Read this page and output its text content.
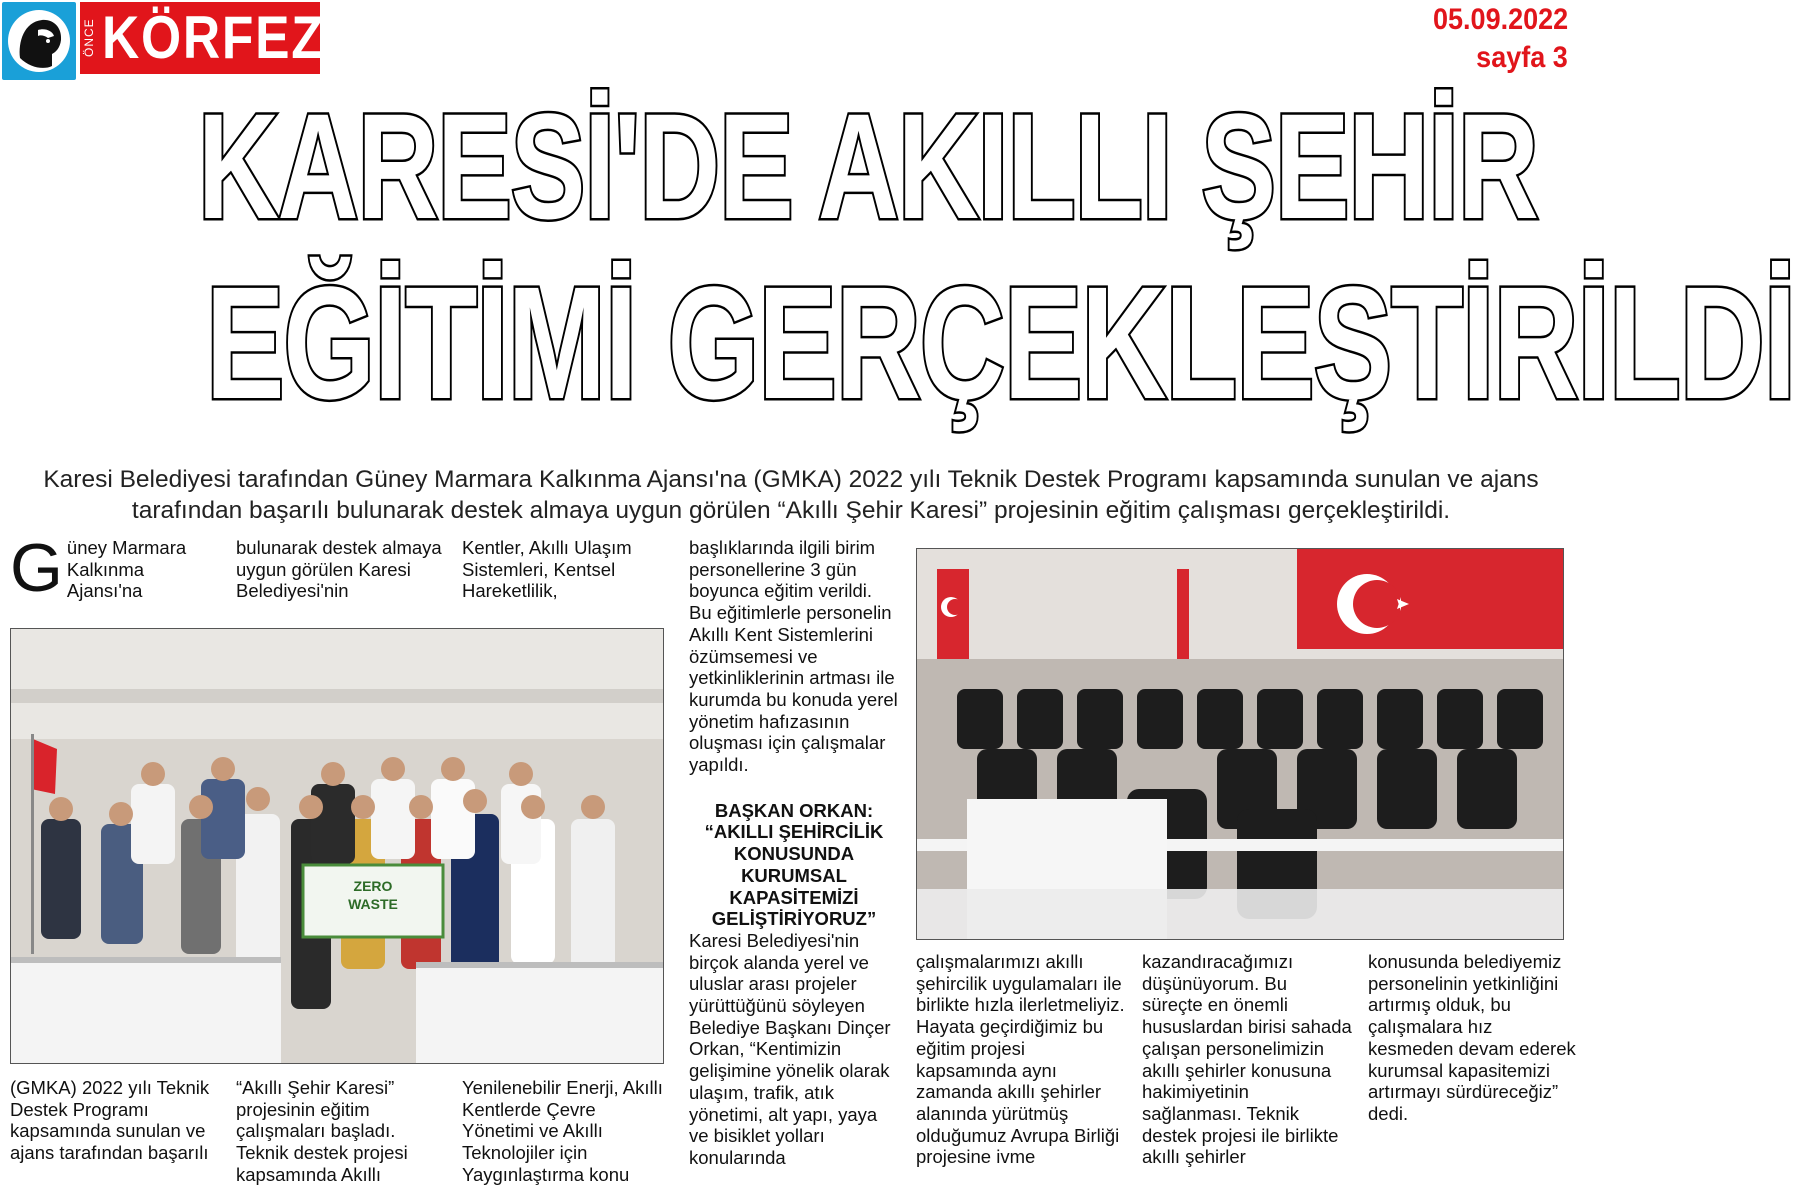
ÖNCE KÖRFEZ	05.09.2022
sayfa 3
KARESİ'DE AKILLI ŞEHİR
EĞİTİMİ GERÇEKLEŞTİRİLDİ
Karesi Belediyesi tarafından Güney Marmara Kalkınma Ajansı'na (GMKA) 2022 yılı Teknik Destek Programı kapsamında sunulan ve ajans tarafından başarılı bulunarak destek almaya uygun görülen “Akıllı Şehir Karesi” projesinin eğitim çalışması gerçekleştirildi.
G üney Marmara Kalkınma Ajansı'na
bulunarak destek almaya uygun görülen Karesi Belediyesi'nin
Kentler, Akıllı Ulaşım Sistemleri, Kentsel Hareketlilik,
başlıklarında ilgili birim personellerine 3 gün boyunca eğitim verildi. Bu eğitimlerle personelin Akıllı Kent Sistemlerini özümsemesi ve yetkinliklerinin artması ile kurumda bu konuda yerel yönetim hafızasının oluşması için çalışmalar yapıldı.
BAŞKAN ORKAN: “AKILLI ŞEHİRCİLİK KONUSUNDA KURUMSAL KAPASİTEMİZİ GELİŞTİRİYORUZ”
Karesi Belediyesi'nin birçok alanda yerel ve uluslar arası projeler yürüttüğünü söyleyen Belediye Başkanı Dinçer Orkan, “Kentimizin gelişimine yönelik olarak ulaşım, trafik, atık yönetimi, alt yapı, yaya ve bisiklet yolları konularında
ZERO
WASTE
(GMKA) 2022 yılı Teknik Destek Programı kapsamında sunulan ve ajans tarafından başarılı
“Akıllı Şehir Karesi” projesinin eğitim çalışmaları başladı. Teknik destek projesi kapsamında Akıllı
Yenilenebilir Enerji, Akıllı Kentlerde Çevre Yönetimi ve Akıllı Teknolojiler için Yaygınlaştırma konu
çalışmalarımızı akıllı şehircilik uygulamaları ile birlikte hızla ilerletmeliyiz. Hayata geçirdiğimiz bu eğitim projesi kapsamında aynı zamanda akıllı şehirler alanında yürütmüş olduğumuz Avrupa Birliği projesine ivme
kazandıracağımızı düşünüyorum. Bu süreçte en önemli hususlardan birisi sahada çalışan personelimizin akıllı şehirler konusuna hakimiyetinin sağlanması. Teknik destek projesi ile birlikte akıllı şehirler
konusunda belediyemiz personelinin yetkinliğini artırmış olduk, bu çalışmalara hız kesmeden devam ederek kurumsal kapasitemizi artırmayı sürdüreceğiz” dedi.
